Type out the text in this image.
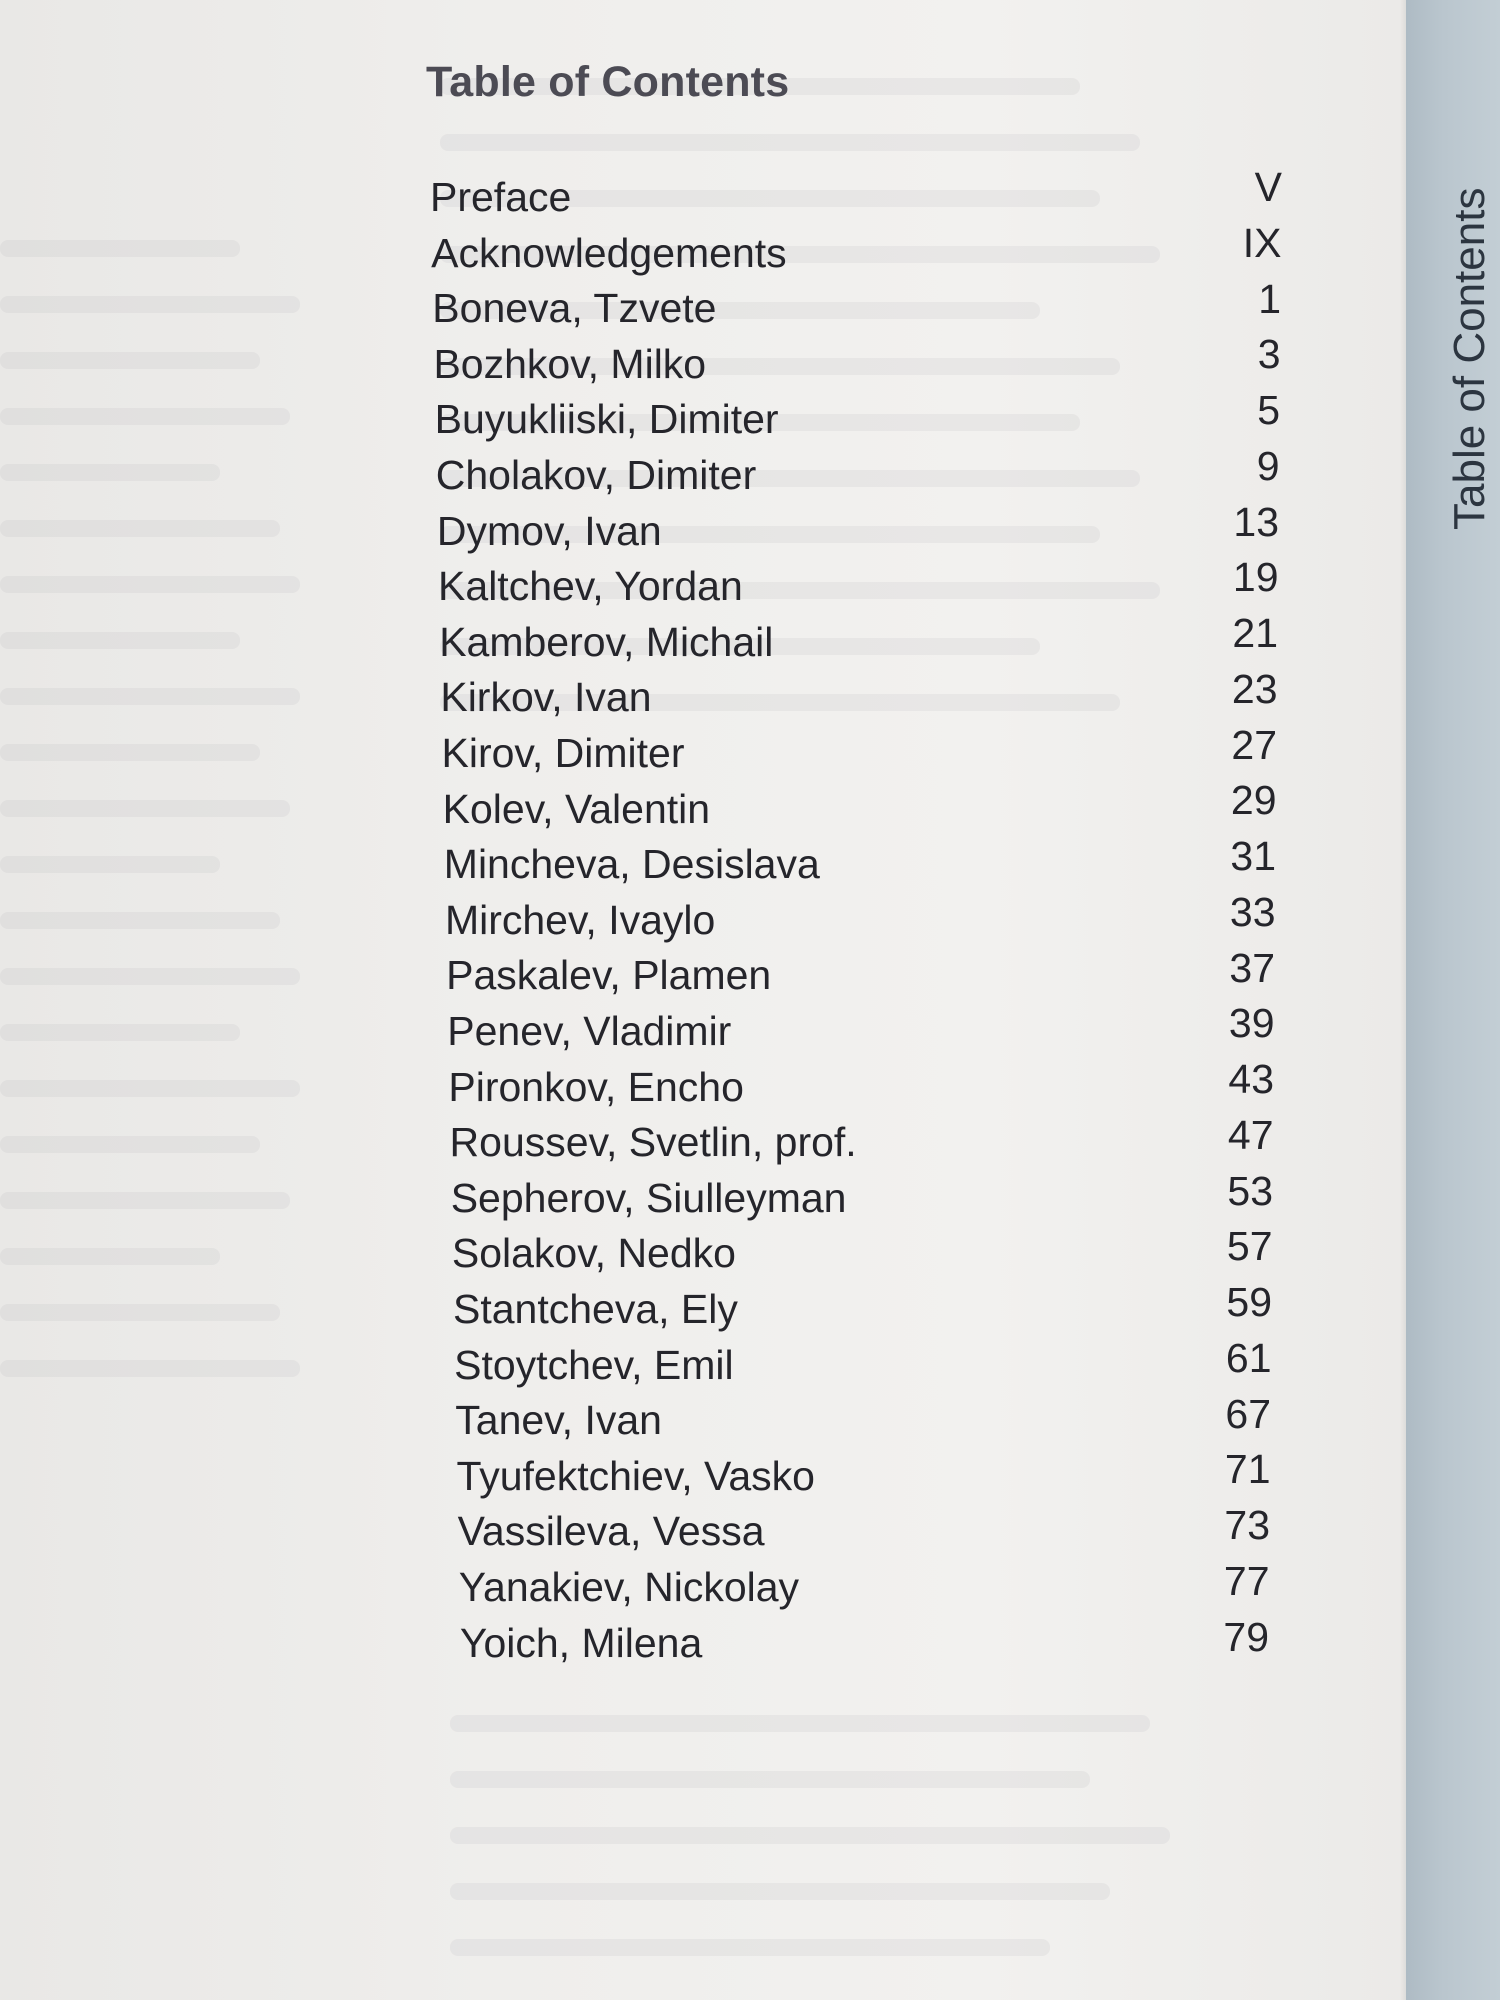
Table of Contents
Preface	V
Acknowledgements	IX
Boneva, Tzvete	1
Bozhkov, Milko	3
Buyukliiski, Dimiter	5
Cholakov, Dimiter	9
Dymov, Ivan	13
Kaltchev, Yordan	19
Kamberov, Michail	21
Kirkov, Ivan	23
Kirov, Dimiter	27
Kolev, Valentin	29
Mincheva, Desislava	31
Mirchev, Ivaylo	33
Paskalev, Plamen	37
Penev, Vladimir	39
Pironkov, Encho	43
Roussev, Svetlin, prof.	47
Sepherov, Siulleyman	53
Solakov, Nedko	57
Stantcheva, Ely	59
Stoytchev, Emil	61
Tanev, Ivan	67
Tyufektchiev, Vasko	71
Vassileva, Vessa	73
Yanakiev, Nickolay	77
Yoich, Milena	79
Table of Contents
